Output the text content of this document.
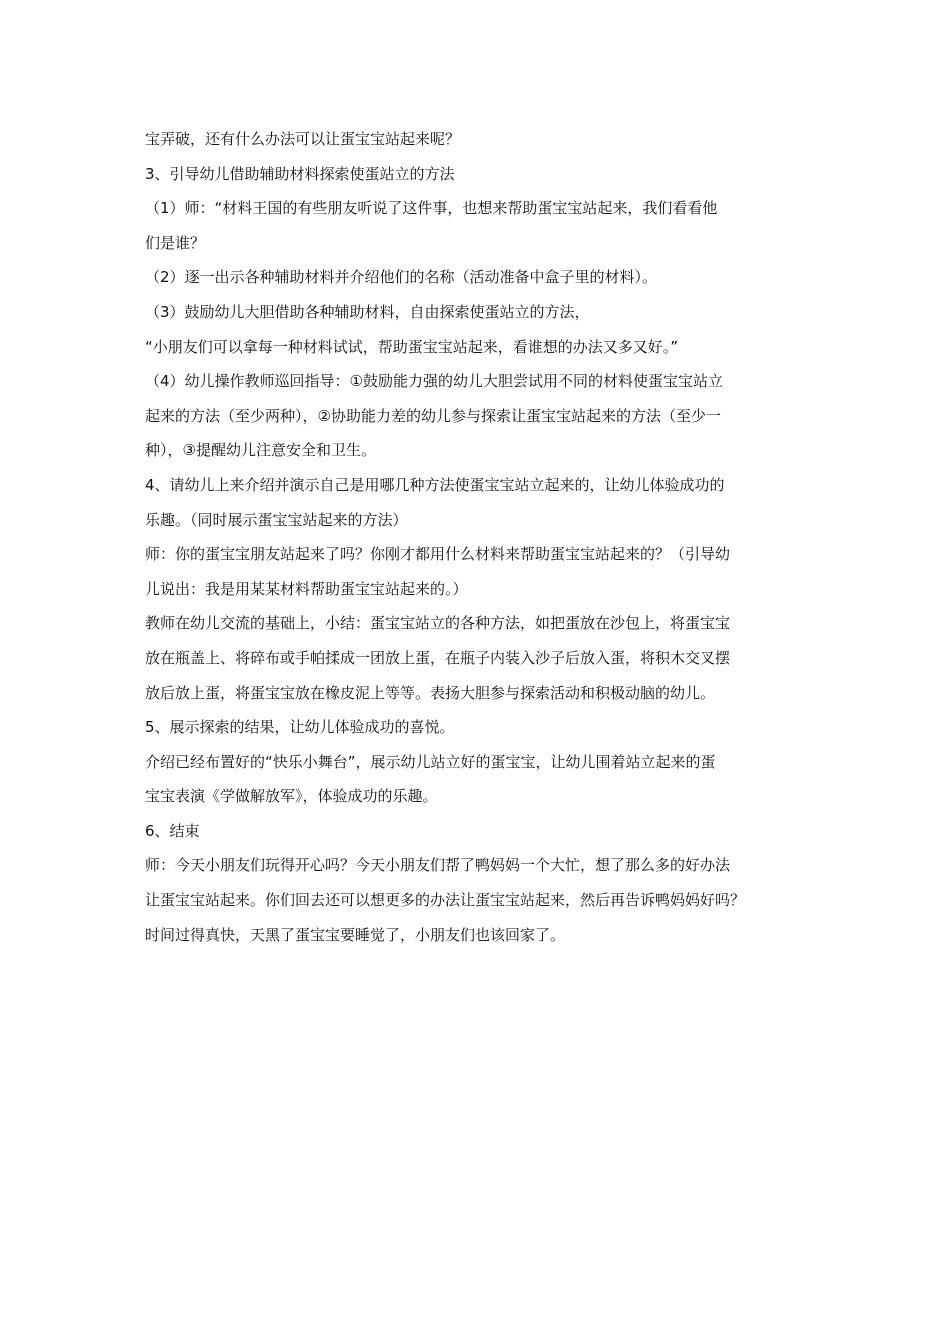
宝弄破，还有什么办法可以让蛋宝宝站起来呢？
3、引导幼儿借助辅助材料探索使蛋站立的方法
（1）师：“材料王国的有些朋友听说了这件事，也想来帮助蛋宝宝站起来，我们看看他
们是谁？
（2）逐一出示各种辅助材料并介绍他们的名称（活动准备中盒子里的材料）。
（3）鼓励幼儿大胆借助各种辅助材料，自由探索使蛋站立的方法，
“小朋友们可以拿每一种材料试试，帮助蛋宝宝站起来，看谁想的办法又多又好。”
（4）幼儿操作教师巡回指导：①鼓励能力强的幼儿大胆尝试用不同的材料使蛋宝宝站立
起来的方法（至少两种），②协助能力差的幼儿参与探索让蛋宝宝站起来的方法（至少一
种），③提醒幼儿注意安全和卫生。
4、请幼儿上来介绍并演示自己是用哪几种方法使蛋宝宝站立起来的，让幼儿体验成功的
乐趣。（同时展示蛋宝宝站起来的方法）
师：你的蛋宝宝朋友站起来了吗？你刚才都用什么材料来帮助蛋宝宝站起来的？（引导幼
儿说出：我是用某某材料帮助蛋宝宝站起来的。）
教师在幼儿交流的基础上，小结：蛋宝宝站立的各种方法，如把蛋放在沙包上，将蛋宝宝
放在瓶盖上、将碎布或手帕揉成一团放上蛋，在瓶子内装入沙子后放入蛋，将积木交叉摆
放后放上蛋，将蛋宝宝放在橡皮泥上等等。表扬大胆参与探索活动和积极动脑的幼儿。
5、展示探索的结果，让幼儿体验成功的喜悦。
介绍已经布置好的“快乐小舞台”，展示幼儿站立好的蛋宝宝，让幼儿围着站立起来的蛋
宝宝表演《学做解放军》，体验成功的乐趣。
6、结束
师：今天小朋友们玩得开心吗？今天小朋友们帮了鸭妈妈一个大忙，想了那么多的好办法
让蛋宝宝站起来。你们回去还可以想更多的办法让蛋宝宝站起来，然后再告诉鸭妈妈好吗？
时间过得真快，天黑了蛋宝宝要睡觉了，小朋友们也该回家了。
